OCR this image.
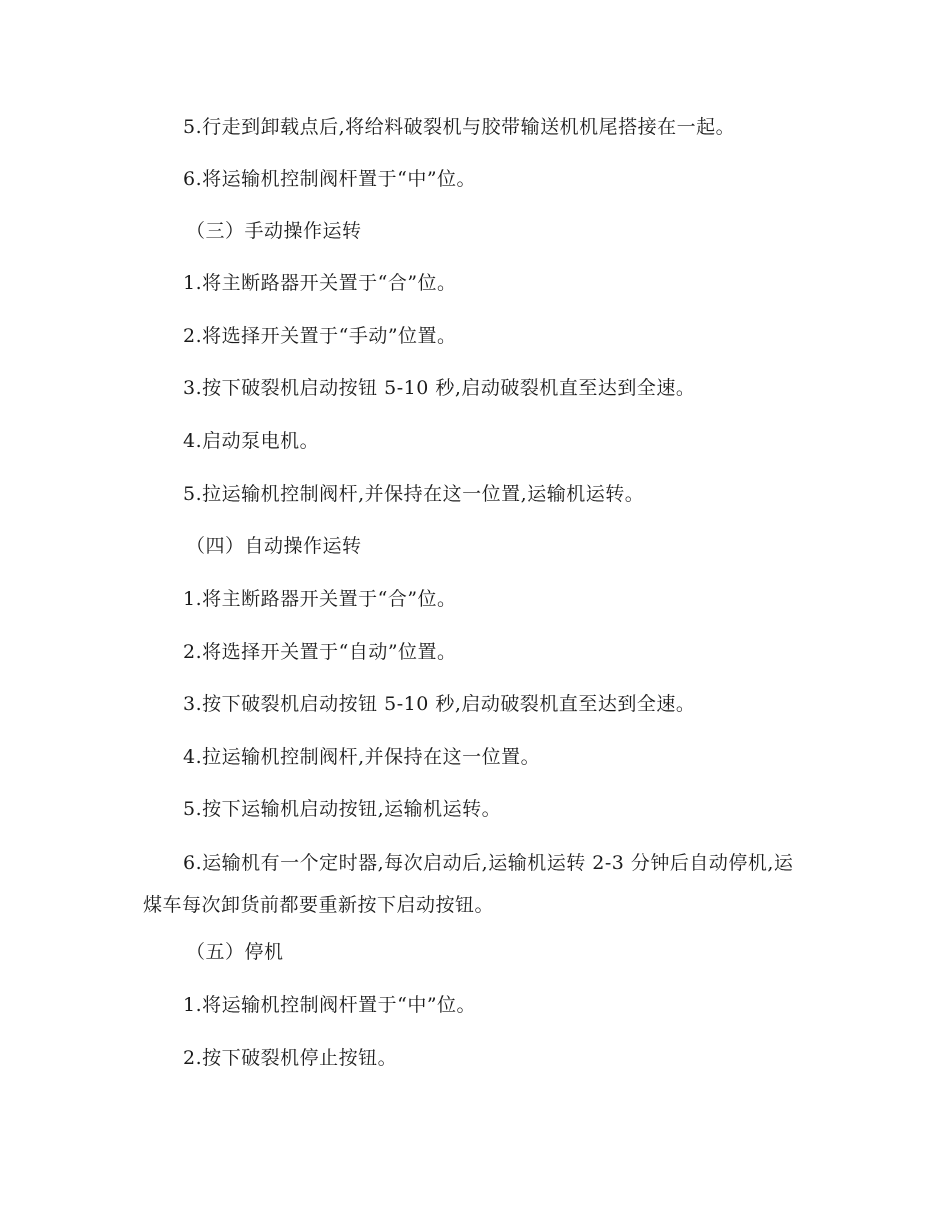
5.行走到卸载点后,将给料破裂机与胶带输送机机尾搭接在一起。
6.将运输机控制阀杆置于“中”位。
（三）手动操作运转
1.将主断路器开关置于“合”位。
2.将选择开关置于“手动”位置。
3.按下破裂机启动按钮 5-10 秒,启动破裂机直至达到全速。
4.启动泵电机。
5.拉运输机控制阀杆,并保持在这一位置,运输机运转。
（四）自动操作运转
1.将主断路器开关置于“合”位。
2.将选择开关置于“自动”位置。
3.按下破裂机启动按钮 5-10 秒,启动破裂机直至达到全速。
4.拉运输机控制阀杆,并保持在这一位置。
5.按下运输机启动按钮,运输机运转。
6.运输机有一个定时器,每次启动后,运输机运转 2-3 分钟后自动停机,运煤车每次卸货前都要重新按下启动按钮。
（五）停机
1.将运输机控制阀杆置于“中”位。
2.按下破裂机停止按钮。
